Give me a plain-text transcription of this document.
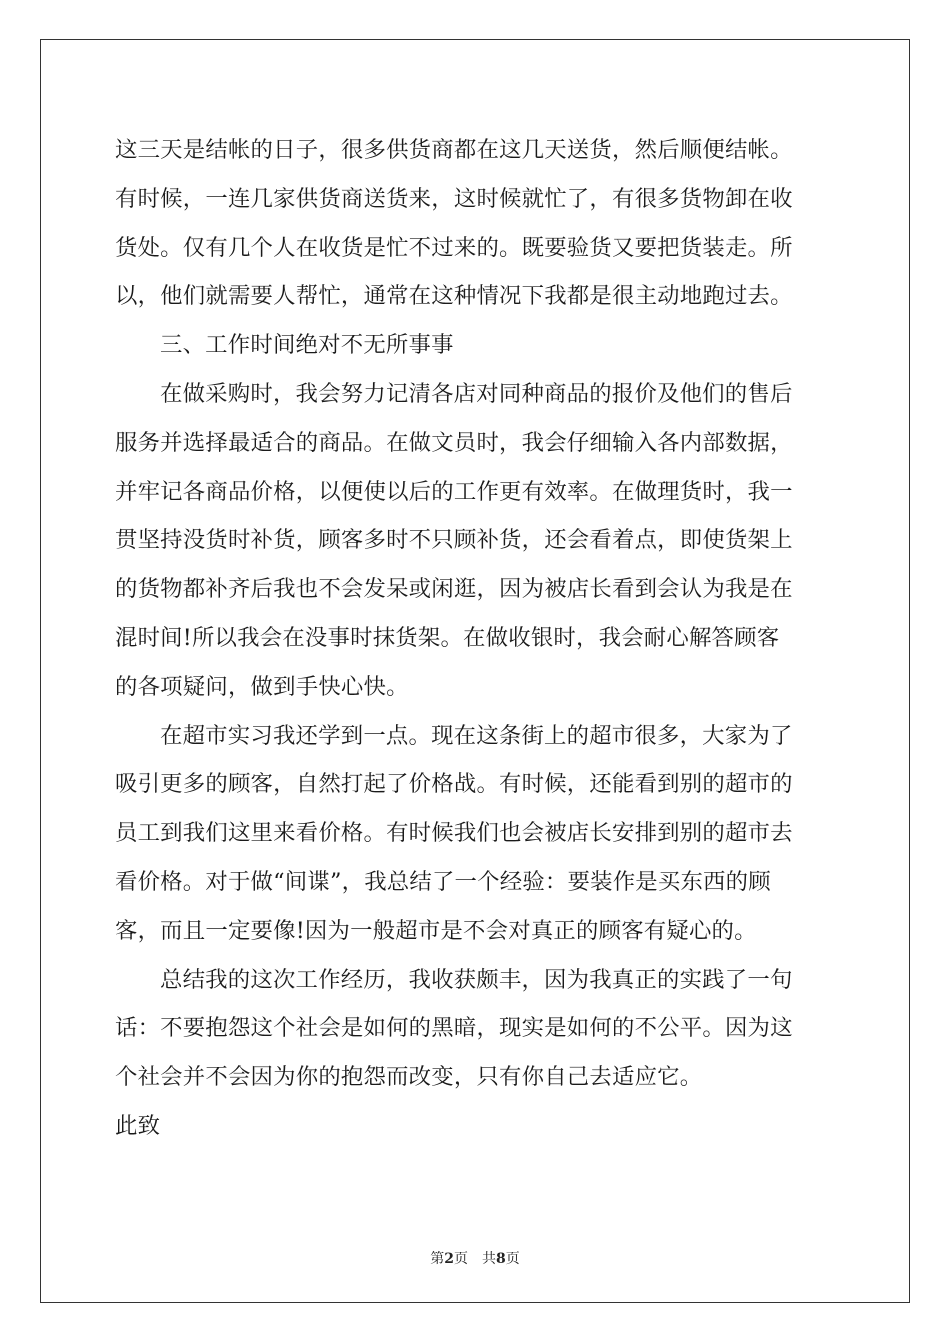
这三天是结帐的日子，很多供货商都在这几天送货，然后顺便结帐。
有时候，一连几家供货商送货来，这时候就忙了，有很多货物卸在收
货处。仅有几个人在收货是忙不过来的。既要验货又要把货装走。所
以，他们就需要人帮忙，通常在这种情况下我都是很主动地跑过去。
三、工作时间绝对不无所事事
在做采购时，我会努力记清各店对同种商品的报价及他们的售后
服务并选择最适合的商品。在做文员时，我会仔细输入各内部数据，
并牢记各商品价格，以便使以后的工作更有效率。在做理货时，我一
贯坚持没货时补货，顾客多时不只顾补货，还会看着点，即使货架上
的货物都补齐后我也不会发呆或闲逛，因为被店长看到会认为我是在
混时间!所以我会在没事时抹货架。在做收银时，我会耐心解答顾客
的各项疑问，做到手快心快。
在超市实习我还学到一点。现在这条街上的超市很多，大家为了
吸引更多的顾客，自然打起了价格战。有时候，还能看到别的超市的
员工到我们这里来看价格。有时候我们也会被店长安排到别的超市去
看价格。对于做“间谍”，我总结了一个经验：要装作是买东西的顾
客，而且一定要像!因为一般超市是不会对真正的顾客有疑心的。
总结我的这次工作经历，我收获颇丰，因为我真正的实践了一句
话：不要抱怨这个社会是如何的黑暗，现实是如何的不公平。因为这
个社会并不会因为你的抱怨而改变，只有你自己去适应它。
此致
第2页 共8页
